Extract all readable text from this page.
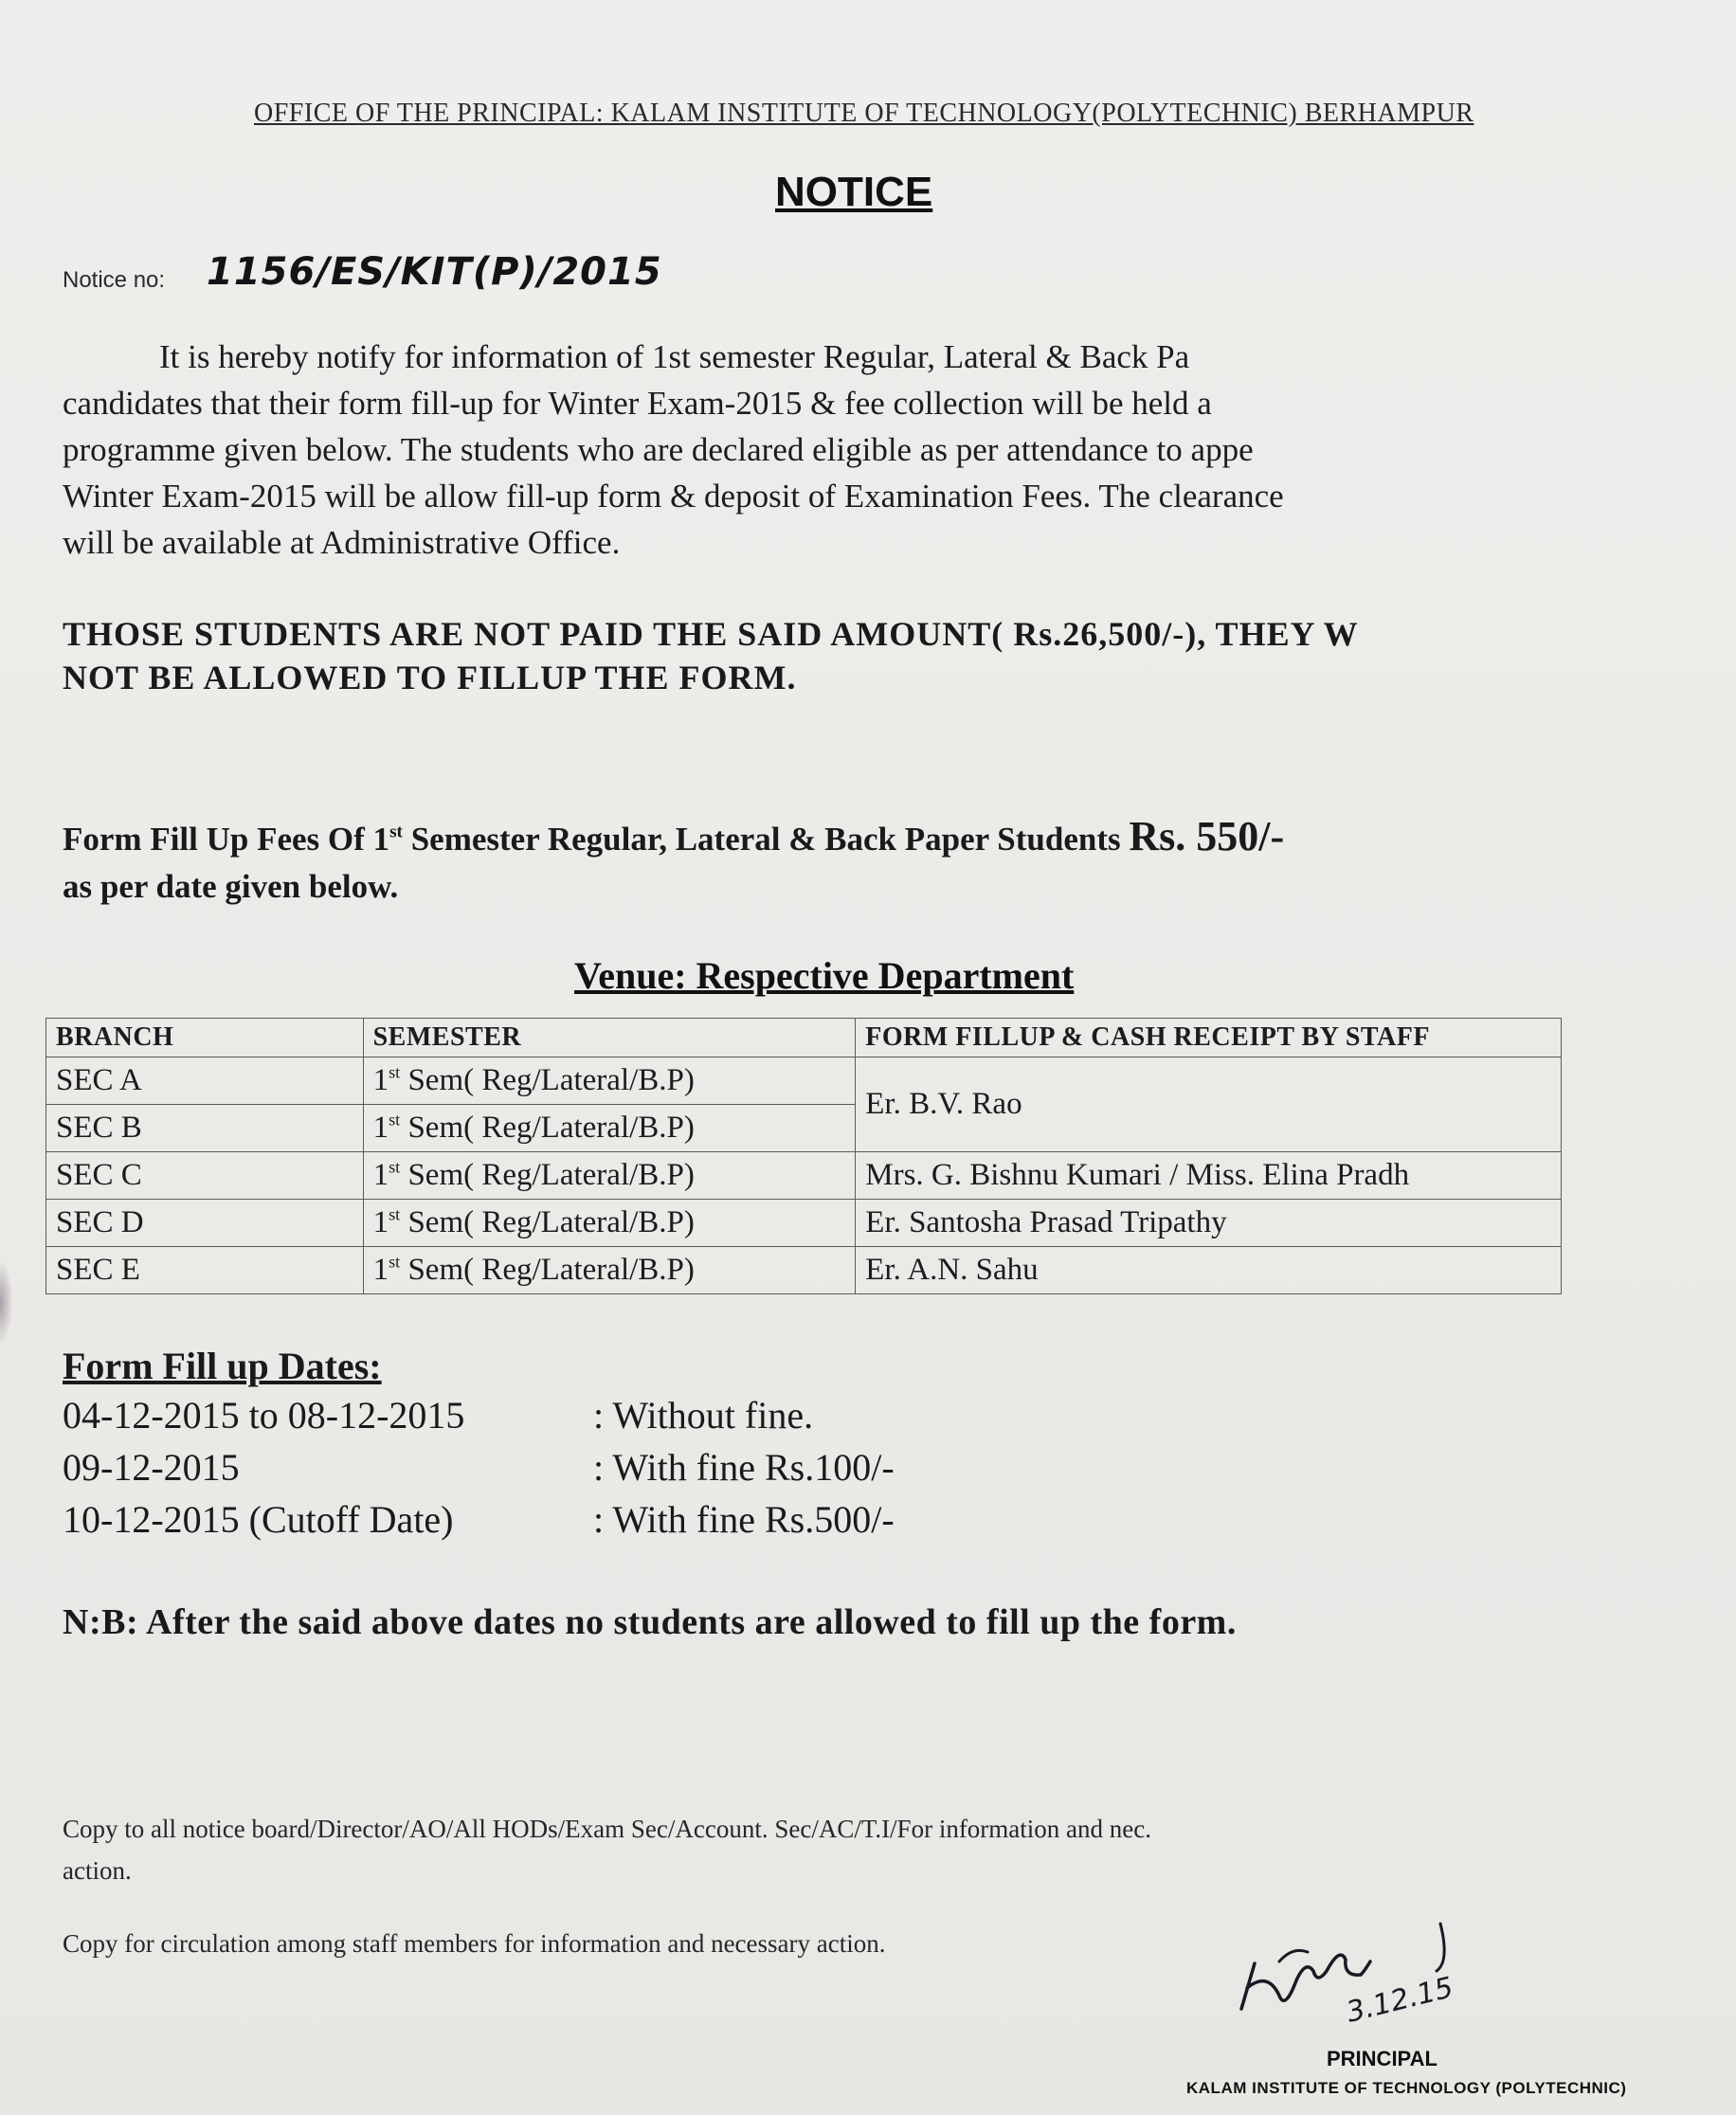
OFFICE OF THE PRINCIPAL: KALAM INSTITUTE OF TECHNOLOGY(POLYTECHNIC) BERHAMPUR
NOTICE
Notice no: 1156/ES/KIT(P)/2015

It is hereby notify for information of 1st semester Regular, Lateral & Back Pa

candidates that their form fill-up for Winter Exam-2015 & fee collection will be held a

programme given below. The students who are declared eligible as per attendance to appe

Winter Exam-2015 will be allow fill-up form & deposit of Examination Fees. The clearance

will be available at Administrative Office.

THOSE STUDENTS ARE NOT PAID THE SAID AMOUNT( Rs.26,500/-), THEY W
NOT BE ALLOWED TO FILLUP THE FORM.
Form Fill Up Fees Of 1st Semester Regular, Lateral & Back Paper Students Rs. 550/-
as per date given below.
Venue: Respective Department
BRANCH	SEMESTER	FORM FILLUP & CASH RECEIPT BY STAFF
SEC A	1st Sem( Reg/Lateral/B.P)	Er. B.V. Rao
SEC B	1st Sem( Reg/Lateral/B.P)	
SEC C	1st Sem( Reg/Lateral/B.P)	Mrs. G. Bishnu Kumari / Miss. Elina Pradh
SEC D	1st Sem( Reg/Lateral/B.P)	Er. Santosha Prasad Tripathy
SEC E	1st Sem( Reg/Lateral/B.P)	Er. A.N. Sahu
Form Fill up Dates:
04-12-2015 to 08-12-2015	: Without fine.
09-12-2015	: With fine Rs.100/-
10-12-2015 (Cutoff Date)	: With fine Rs.500/-
N:B: After the said above dates no students are allowed to fill up the form.
Copy to all notice board/Director/AO/All HODs/Exam Sec/Account. Sec/AC/T.I/For information and nec.
action.
Copy for circulation among staff members for information and necessary action.
3.12.15
PRINCIPAL
KALAM INSTITUTE OF TECHNOLOGY (POLYTECHNIC)
